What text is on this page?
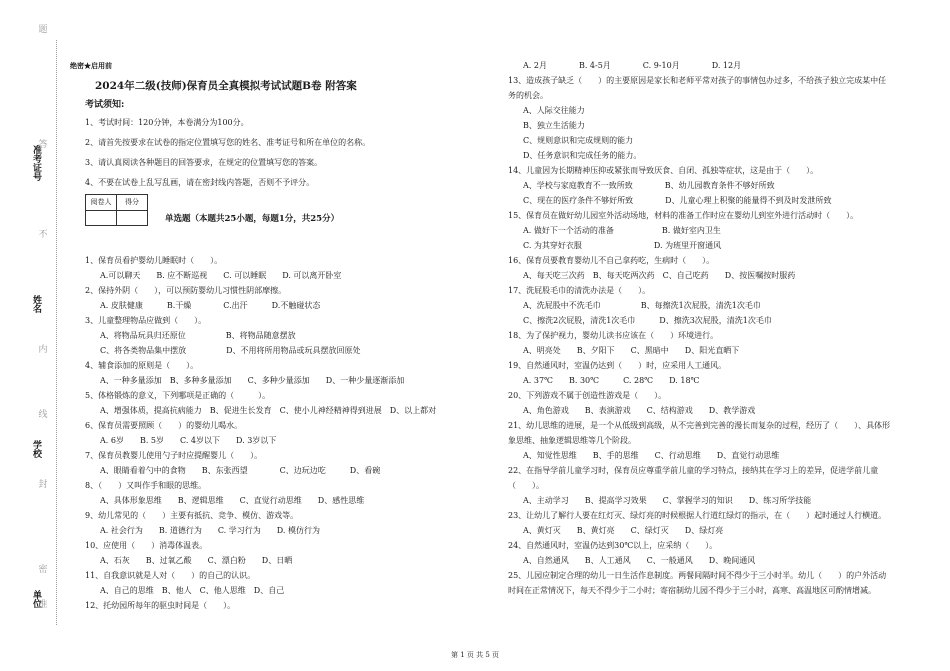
准考证号
姓名
学校
单位
题
答
不
内
线
封
密
准
绝密★启用前
2024年二级(技师)保育员全真模拟考试试题B卷 附答案
考试须知:
1、考试时间：120分钟，本卷满分为100分。
2、请首先按要求在试卷的指定位置填写您的姓名、准考证号和所在单位的名称。
3、请认真阅读各种题目的回答要求，在规定的位置填写您的答案。
4、不要在试卷上乱写乱画，请在密封线内答题，否则不予评分。
阅卷人	得分

单选题（本题共25小题，每题1分，共25分）
1、保育员看护婴幼儿睡眠时（　　）。
A.可以聊天　　B. 应不断巡视　　C. 可以睡眠　　D. 可以离开卧室
2、保持外阴（　　），可以预防婴幼儿习惯性阴部摩擦。
A. 皮肤健康　　　B.干燥　　　　C.出汗　　　D.不触碰状态
3、儿童整理物品应做到（　　）。
A、将物品玩具归还原位　　　　　B、将物品随意摆放
C、将各类物品集中摆放　　　　　D、不用将所用物品或玩具摆放回原处
4、辅食添加的原则是（　　）。
A、一种多量添加　B、多种多量添加　　C、多种少量添加　　D、一种少量逐渐添加
5、体格锻炼的意义，下列哪项是正确的（　　　）。
A、增强体质，提高抗病能力　B、促进生长发育　C、使小儿神经精神得到进展　D、以上都对
6、保育员需要照顾（　　）的婴幼儿喝水。
A. 6岁　　B. 5岁　　C. 4岁以下　　D. 3岁以下
7、保育员教婴儿使用勺子时应提醒婴儿（　　）。
A、眼睛看着勺中的食物　　B、东张西望　　　　C、边玩边吃　　　D、看碗
8、（　　）又叫作手和眼的思维。
A、具体形象思维　　B、逻辑思维　　C、直觉行动思维　　D、感性思维
9、幼儿常见的（　　）主要有抵抗、竞争、模仿、游戏等。
A. 社会行为　　B. 道德行为　　C. 学习行为　　D. 模仿行为
10、应使用（　　）消毒体温表。
A、石灰　　B、过氧乙酸　　C、漂白粉　　D、日晒
11、自我意识就是人对（　　）的自己的认识。
A、自己的思维　B、他人　C、他人思维　D、自己
12、托幼园所每年的驱虫时间是（　　）。
A. 2月　　　　B. 4-5月　　　　C. 9-10月　　　　D. 12月
13、造成孩子缺乏（　　）的主要原因是家长和老师平常对孩子的事情包办过多，不给孩子独立完成某中任务的机会。
A、人际交往能力
B、独立生活能力
C、规则意识和完成规则的能力
D、任务意识和完成任务的能力。
14、儿童因为长期精神压抑或紧张而导致厌食、自闭、孤独等症状，这是由于（　　）。
A、学校与家庭教育不一致所致　　　　B、幼儿园教育条件不够好所致
C、现在的医疗条件不够好所致　　　　D、儿童心理上积聚的能量得不到及时发泄所致
15、保育员在做好幼儿园室外活动场地，材料的准备工作时应在婴幼儿到室外进行活动时（　　）。
A. 做好下一个活动的准备　　　　　　B. 做好室内卫生
C. 为其穿好衣服　　　　　　　　　D. 为班里开窗通风
16、保育员要教育婴幼儿不自己拿药吃，生病时（　　）。
A、每天吃三次药　B、每天吃两次药　C、自己吃药　　D、按医嘱按时服药
17、洗屁股毛巾的清洗办法是（　　）。
A、洗屁股中不洗毛巾　　　　　B、每擦洗1次屁股，清洗1次毛巾
C、擦洗2次屁股，清洗1次毛巾　　　D、擦洗3次屁股，清洗1次毛巾
18、为了保护视力，婴幼儿读书应该在（　　）环境进行。
A、明亮处　　B、夕阳下　　C、黑暗中　　D、阳光直晒下
19、自然通风时，室温仍达到（　　）时，应采用人工通风。
A. 37℃　　B. 30℃　　　C. 28℃　　D. 18℃
20、下列游戏不属于创造性游戏是（　　）。
A、角色游戏　　B、表演游戏　　C、结构游戏　　D、教学游戏
21、幼儿思维的进展，是一个从低级到高级，从不完善到完善的漫长而复杂的过程，经历了（　　）、具体形象思维、抽象逻辑思维等几个阶段。
A、知觉性思维　　B、手的思维　　C、行动思维　　D、直觉行动思维
22、在指导学前儿童学习时，保育员应尊重学前儿童的学习特点，接纳其在学习上的差异，促进学前儿童（　　）。
A、主动学习　　B、提高学习效果　　C、掌握学习的知识　　D、练习所学技能
23、让幼儿了解行人要在红灯灭、绿灯亮的时候根据人行道红绿灯的指示，在（　　）起时通过人行横道。
A、黄灯灭　　B、黄灯亮　　C、绿灯灭　　D、绿灯亮
24、自然通风时，室温仍达到30℃以上，应采纳（　　）。
A、自然通风　　B、人工通风　　C、一般通风　　D、晚间通风
25、儿园应制定合理的幼儿一日生活作息制度。两餐间隔时间不得少于三小时半。幼儿（　　）的户外活动时间在正常情况下，每天不得少于二小时；寄宿制幼儿园不得少于三小时，高寒、高温地区可酌情增减。
第 1 页 共 5 页
